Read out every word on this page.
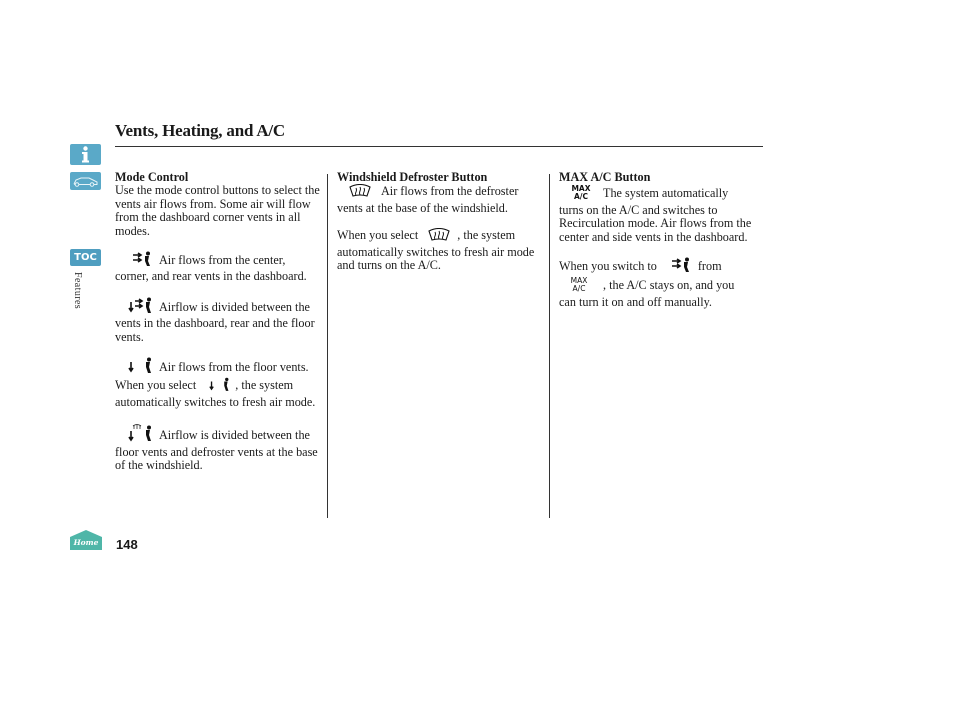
Vents, Heating, and A/C
TOC
Features
Home
Mode Control

Use the mode control buttons to select the vents air flows from. Some air will flow from the dashboard corner vents in all modes.

Air flows from the center, corner, and rear vents in the dashboard.

Airflow is divided between the vents in the dashboard, rear and the floor vents.

Air flows from the floor vents. When you select	, the system automatically switches to fresh air mode.

Airflow is divided between the floor vents and defroster vents at the base of the windshield.

Windshield Defroster Button

Air flows from the defroster vents at the base of the windshield.

When you select	, the system automatically switches to fresh air mode and turns on the A/C.

MAX A/C Button

MAX
A/C The system automatically turns on the A/C and switches to Recirculation mode. Air flows from the center and side vents in the dashboard.

When you switch to	from

MAX
A/C , the A/C stays on, and you can turn it on and off manually.

148
